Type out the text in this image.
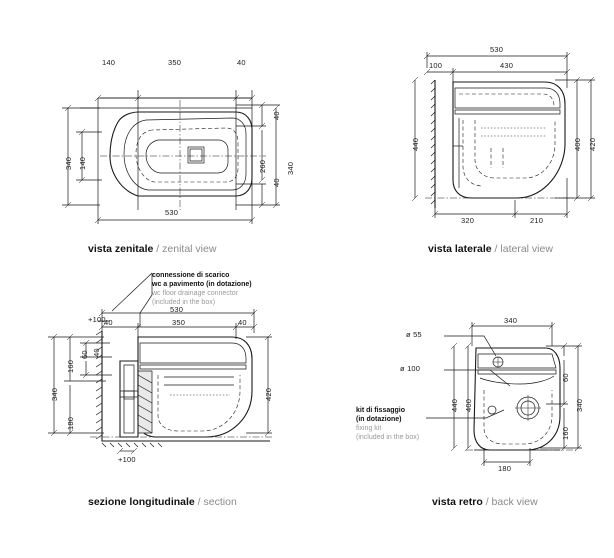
140	350	40
40
40
260	340
340 140
530
vista zenitale / zenital view
530
430
100
440	400 420
320	210
vista laterale / lateral view
530
40	350	40
+100
60 40
160
180
340	420
+100
connessione di scarico
wc a pavimento (in dotazione)
wc floor drainage connector
(included in the box)
sezione longitudinale / section
ø 55
ø 100
340
60
440 400
160
340
180
kit di fissaggio
(in dotazione)
fixing kit
(included in the box)
vista retro / back view
